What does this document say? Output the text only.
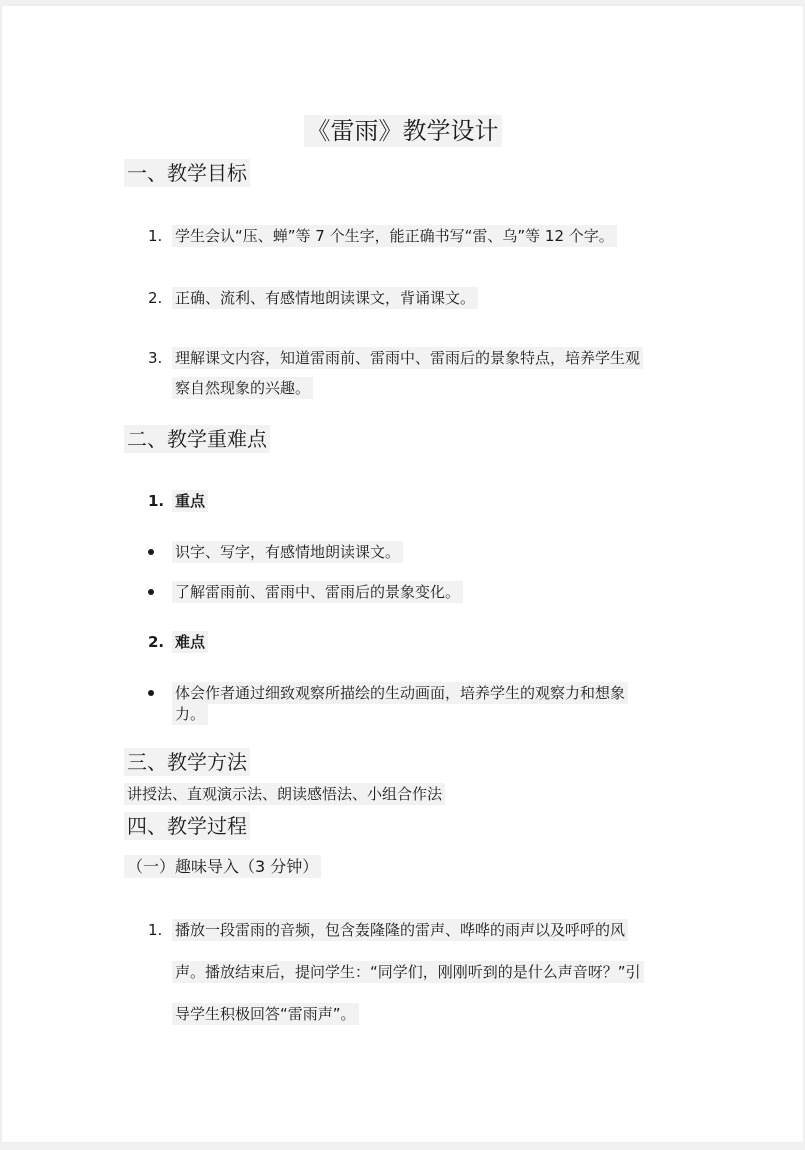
《雷雨》教学设计
一、教学目标
1. 学生会认“压、蝉”等 7 个生字，能正确书写“雷、乌”等 12 个字。
2. 正确、流利、有感情地朗读课文，背诵课文。
3. 理解课文内容，知道雷雨前、雷雨中、雷雨后的景象特点，培养学生观
察自然现象的兴趣。
二、教学重难点
1. 重点
识字、写字，有感情地朗读课文。
了解雷雨前、雷雨中、雷雨后的景象变化。
2. 难点
体会作者通过细致观察所描绘的生动画面，培养学生的观察力和想象
力。
三、教学方法
讲授法、直观演示法、朗读感悟法、小组合作法
四、教学过程
（一）趣味导入（3 分钟）
1. 播放一段雷雨的音频，包含轰隆隆的雷声、哗哗的雨声以及呼呼的风
声。播放结束后，提问学生：“同学们，刚刚听到的是什么声音呀？”引
导学生积极回答“雷雨声”。
